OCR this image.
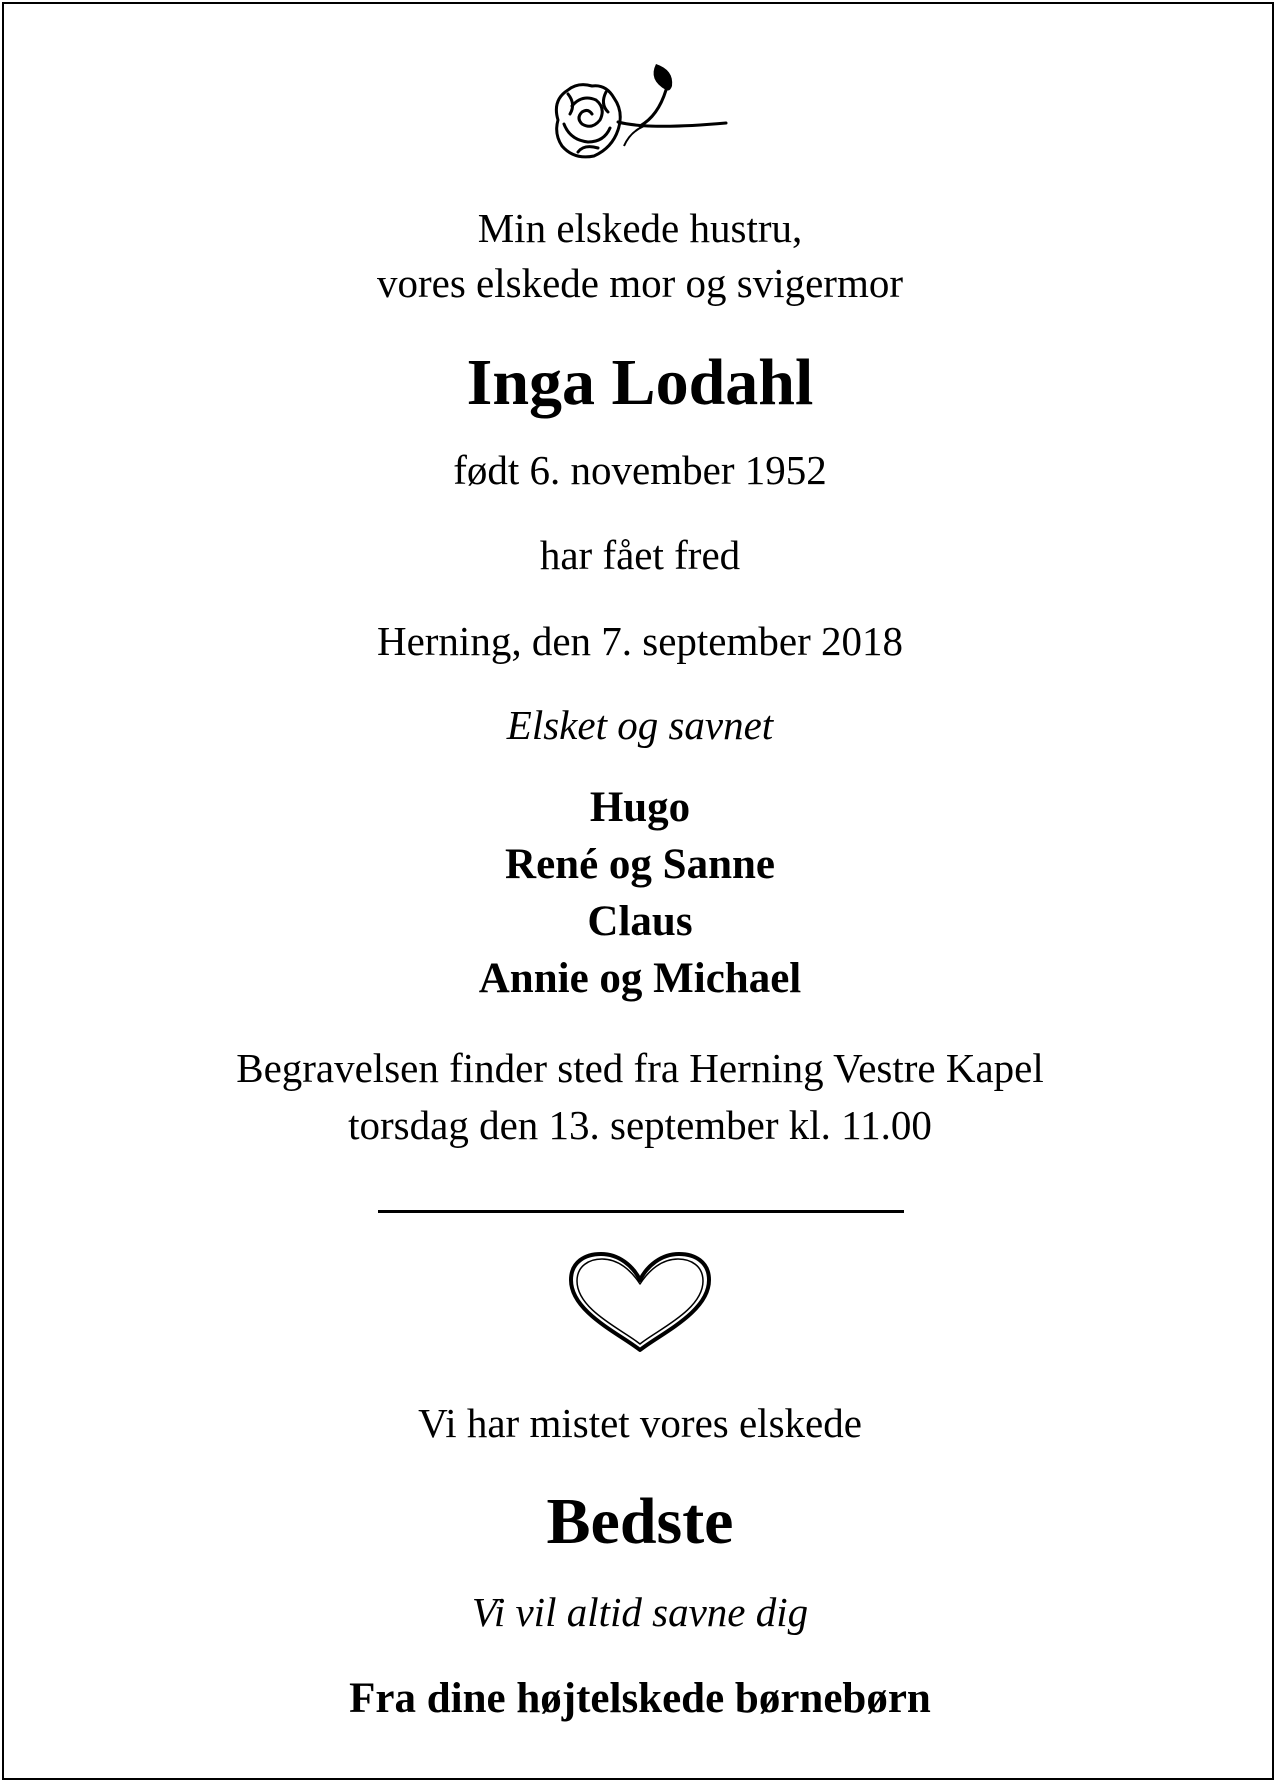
Min elskede hustru,
vores elskede mor og svigermor
Inga Lodahl
født 6. november 1952
har fået fred
Herning, den 7. september 2018
Elsket og savnet
Hugo
René og Sanne
Claus
Annie og Michael
Begravelsen finder sted fra Herning Vestre Kapel
torsdag den 13. september kl. 11.00
Vi har mistet vores elskede
Bedste
Vi vil altid savne dig
Fra dine højtelskede børnebørn
